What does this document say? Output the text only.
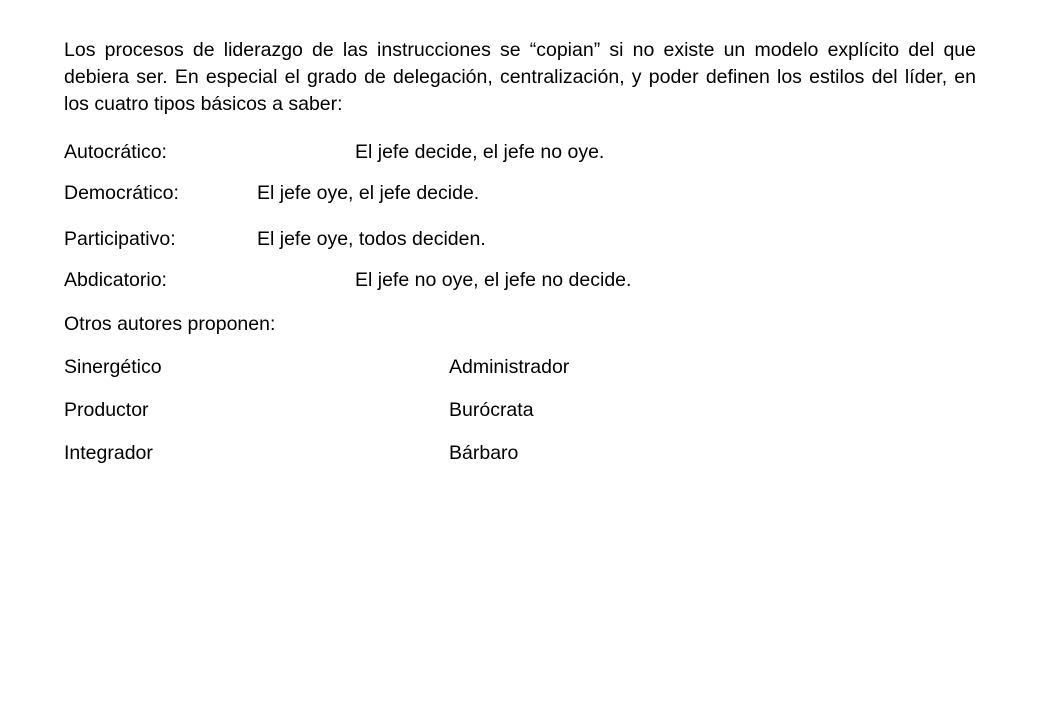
Los procesos de liderazgo de las instrucciones se “copian” si no existe un modelo explícito del que debiera ser. En especial el grado de delegación, centralización, y poder definen los estilos del líder, en los cuatro tipos básicos a saber:

Autocrático:	El jefe decide, el jefe no oye.
Democrático:	El jefe oye, el jefe decide.
Participativo:	El jefe oye, todos deciden.
Abdicatorio:	El jefe no oye, el jefe no decide.
Otros autores proponen:
Sinergético	Administrador
Productor	Burócrata
Integrador	Bárbaro
